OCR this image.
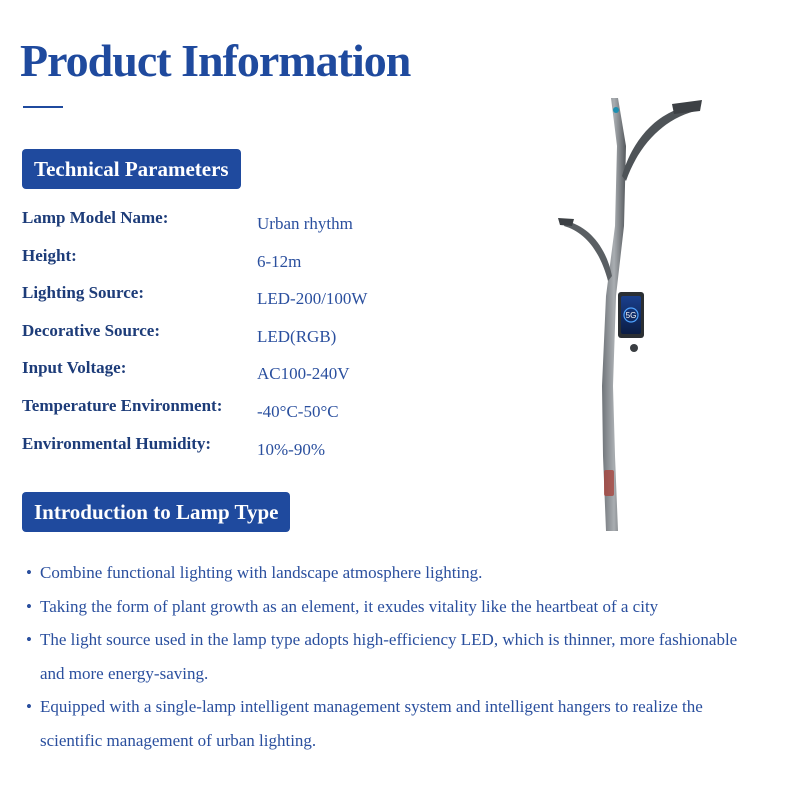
Product Information
Technical Parameters
Lamp Model Name:	Urban rhythm
Height:	6-12m
Lighting Source:	LED-200/100W
Decorative Source:	LED(RGB)
Input Voltage:	AC100-240V
Temperature Environment: -40°C-50°C
Environmental Humidity:	10%-90%
Introduction to Lamp Type
• Combine functional lighting with landscape atmosphere lighting.
• Taking the form of plant growth as an element, it exudes vitality like the heartbeat of a city
• The light source used in the lamp type adopts high-efficiency LED, which is thinner, more fashionable and more energy-saving.
• Equipped with a single-lamp intelligent management system and intelligent hangers to realize the scientific management of urban lighting.
5G
